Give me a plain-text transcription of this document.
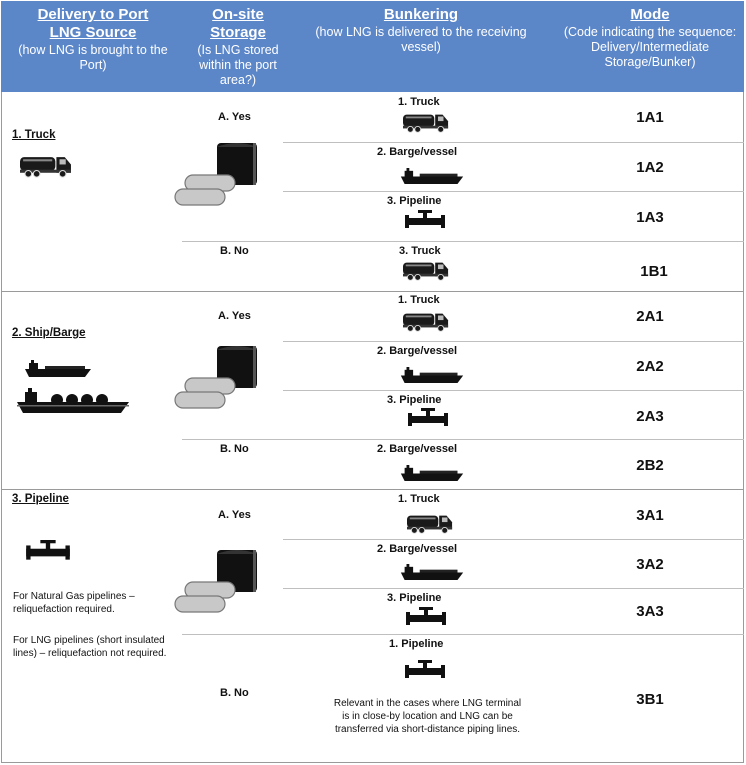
Delivery to Port
LNG Source
(how LNG is brought to the Port)
On-site
Storage
(Is LNG stored within the port area?)
Bunkering
(how LNG is delivered to the receiving vessel)
Mode
(Code indicating the sequence: Delivery/Intermediate Storage/Bunker)
1. Truck
A. Yes
B. No
1. Truck
2. Barge/vessel
3. Pipeline
3. Truck
1A1
1A2
1A3
1B1
2. Ship/Barge
A. Yes
B. No
1. Truck
2. Barge/vessel
3. Pipeline
2. Barge/vessel
2A1
2A2
2A3
2B2
3. Pipeline
For Natural Gas pipelines – reliquefaction required.
For LNG pipelines (short insulated lines) – reliquefaction not required.
A. Yes
B. No
1. Truck
2. Barge/vessel
3. Pipeline
1. Pipeline
Relevant in the cases where LNG terminal is in close-by location and LNG can be transferred via short-distance piping lines.
3A1
3A2
3A3
3B1
